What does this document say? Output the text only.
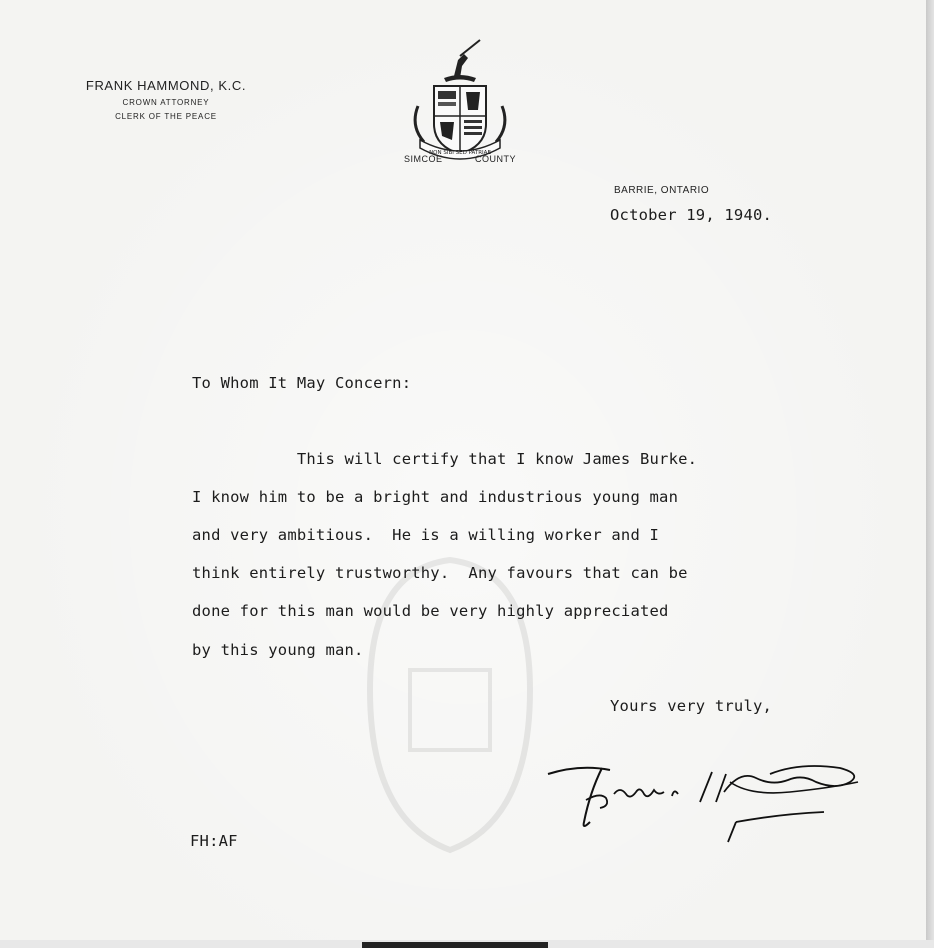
FRANK HAMMOND, K.C.
CROWN ATTORNEY
CLERK OF THE PEACE
NON SIBI SED PATRIAE
SIMCOE	COUNTY
BARRIE, ONTARIO
October 19, 1940.
To Whom It May Concern:
This will certify that I know James Burke.
I know him to be a bright and industrious young man
and very ambitious.  He is a willing worker and I
think entirely trustworthy.  Any favours that can be
done for this man would be very highly appreciated
by this young man.
Yours very truly,
FH:AF
